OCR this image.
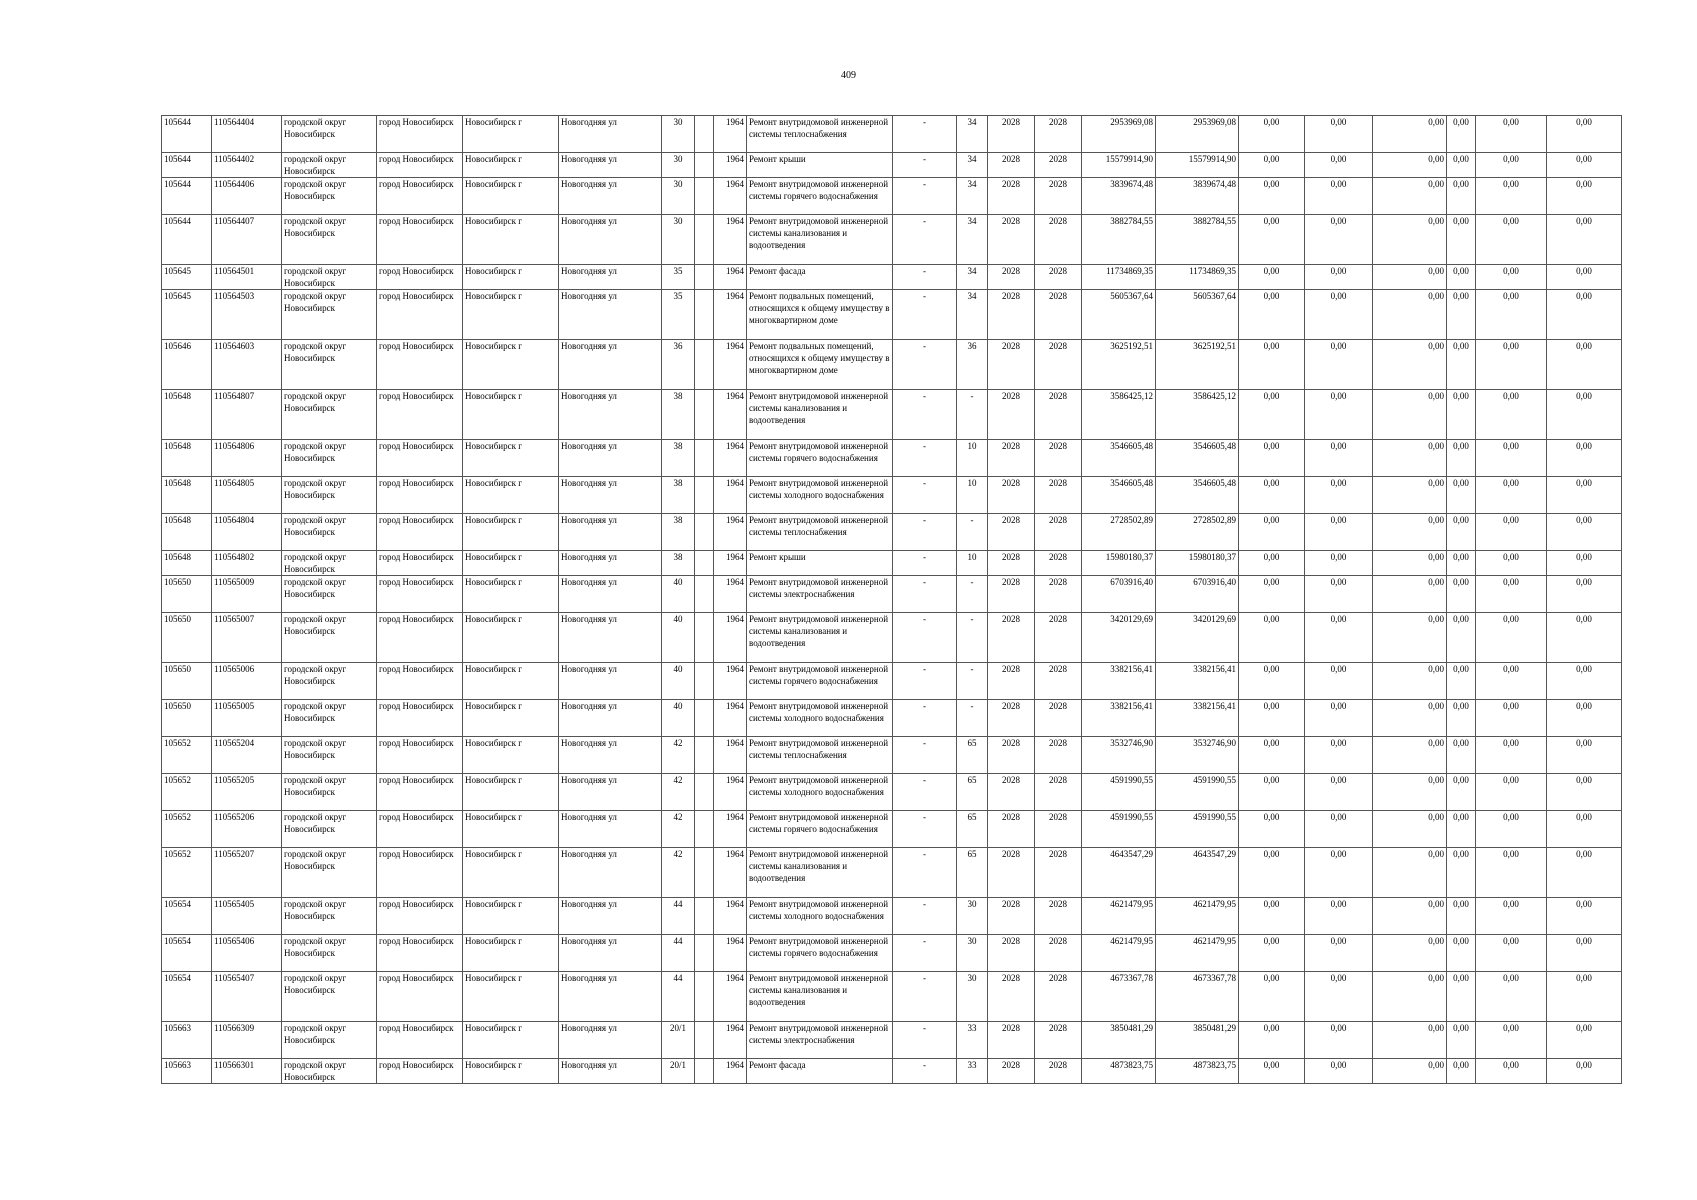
409
105644	110564404	городской округ Новосибирск	город Новосибирск	Новосибирск г	Новогодняя ул	30		1964	Ремонт внутридомовой инженерной системы теплоснабжения	-	34	2028	2028	2953969,08	2953969,08	0,00	0,00	0,00	0,00	0,00	0,00
105644	110564402	городской округ Новосибирск	город Новосибирск	Новосибирск г	Новогодняя ул	30		1964	Ремонт крыши	-	34	2028	2028	15579914,90	15579914,90	0,00	0,00	0,00	0,00	0,00	0,00
105644	110564406	городской округ Новосибирск	город Новосибирск	Новосибирск г	Новогодняя ул	30		1964	Ремонт внутридомовой инженерной системы горячего водоснабжения	-	34	2028	2028	3839674,48	3839674,48	0,00	0,00	0,00	0,00	0,00	0,00
105644	110564407	городской округ Новосибирск	город Новосибирск	Новосибирск г	Новогодняя ул	30		1964	Ремонт внутридомовой инженерной системы канализования и водоотведения	-	34	2028	2028	3882784,55	3882784,55	0,00	0,00	0,00	0,00	0,00	0,00
105645	110564501	городской округ Новосибирск	город Новосибирск	Новосибирск г	Новогодняя ул	35		1964	Ремонт фасада	-	34	2028	2028	11734869,35	11734869,35	0,00	0,00	0,00	0,00	0,00	0,00
105645	110564503	городской округ Новосибирск	город Новосибирск	Новосибирск г	Новогодняя ул	35		1964	Ремонт подвальных помещений, относящихся к общему имуществу в многоквартирном доме	-	34	2028	2028	5605367,64	5605367,64	0,00	0,00	0,00	0,00	0,00	0,00
105646	110564603	городской округ Новосибирск	город Новосибирск	Новосибирск г	Новогодняя ул	36		1964	Ремонт подвальных помещений, относящихся к общему имуществу в многоквартирном доме	-	36	2028	2028	3625192,51	3625192,51	0,00	0,00	0,00	0,00	0,00	0,00
105648	110564807	городской округ Новосибирск	город Новосибирск	Новосибирск г	Новогодняя ул	38		1964	Ремонт внутридомовой инженерной системы канализования и водоотведения	-	-	2028	2028	3586425,12	3586425,12	0,00	0,00	0,00	0,00	0,00	0,00
105648	110564806	городской округ Новосибирск	город Новосибирск	Новосибирск г	Новогодняя ул	38		1964	Ремонт внутридомовой инженерной системы горячего водоснабжения	-	10	2028	2028	3546605,48	3546605,48	0,00	0,00	0,00	0,00	0,00	0,00
105648	110564805	городской округ Новосибирск	город Новосибирск	Новосибирск г	Новогодняя ул	38		1964	Ремонт внутридомовой инженерной системы холодного водоснабжения	-	10	2028	2028	3546605,48	3546605,48	0,00	0,00	0,00	0,00	0,00	0,00
105648	110564804	городской округ Новосибирск	город Новосибирск	Новосибирск г	Новогодняя ул	38		1964	Ремонт внутридомовой инженерной системы теплоснабжения	-	-	2028	2028	2728502,89	2728502,89	0,00	0,00	0,00	0,00	0,00	0,00
105648	110564802	городской округ Новосибирск	город Новосибирск	Новосибирск г	Новогодняя ул	38		1964	Ремонт крыши	-	10	2028	2028	15980180,37	15980180,37	0,00	0,00	0,00	0,00	0,00	0,00
105650	110565009	городской округ Новосибирск	город Новосибирск	Новосибирск г	Новогодняя ул	40		1964	Ремонт внутридомовой инженерной системы электроснабжения	-	-	2028	2028	6703916,40	6703916,40	0,00	0,00	0,00	0,00	0,00	0,00
105650	110565007	городской округ Новосибирск	город Новосибирск	Новосибирск г	Новогодняя ул	40		1964	Ремонт внутридомовой инженерной системы канализования и водоотведения	-	-	2028	2028	3420129,69	3420129,69	0,00	0,00	0,00	0,00	0,00	0,00
105650	110565006	городской округ Новосибирск	город Новосибирск	Новосибирск г	Новогодняя ул	40		1964	Ремонт внутридомовой инженерной системы горячего водоснабжения	-	-	2028	2028	3382156,41	3382156,41	0,00	0,00	0,00	0,00	0,00	0,00
105650	110565005	городской округ Новосибирск	город Новосибирск	Новосибирск г	Новогодняя ул	40		1964	Ремонт внутридомовой инженерной системы холодного водоснабжения	-	-	2028	2028	3382156,41	3382156,41	0,00	0,00	0,00	0,00	0,00	0,00
105652	110565204	городской округ Новосибирск	город Новосибирск	Новосибирск г	Новогодняя ул	42		1964	Ремонт внутридомовой инженерной системы теплоснабжения	-	65	2028	2028	3532746,90	3532746,90	0,00	0,00	0,00	0,00	0,00	0,00
105652	110565205	городской округ Новосибирск	город Новосибирск	Новосибирск г	Новогодняя ул	42		1964	Ремонт внутридомовой инженерной системы холодного водоснабжения	-	65	2028	2028	4591990,55	4591990,55	0,00	0,00	0,00	0,00	0,00	0,00
105652	110565206	городской округ Новосибирск	город Новосибирск	Новосибирск г	Новогодняя ул	42		1964	Ремонт внутридомовой инженерной системы горячего водоснабжения	-	65	2028	2028	4591990,55	4591990,55	0,00	0,00	0,00	0,00	0,00	0,00
105652	110565207	городской округ Новосибирск	город Новосибирск	Новосибирск г	Новогодняя ул	42		1964	Ремонт внутридомовой инженерной системы канализования и водоотведения	-	65	2028	2028	4643547,29	4643547,29	0,00	0,00	0,00	0,00	0,00	0,00
105654	110565405	городской округ Новосибирск	город Новосибирск	Новосибирск г	Новогодняя ул	44		1964	Ремонт внутридомовой инженерной системы холодного водоснабжения	-	30	2028	2028	4621479,95	4621479,95	0,00	0,00	0,00	0,00	0,00	0,00
105654	110565406	городской округ Новосибирск	город Новосибирск	Новосибирск г	Новогодняя ул	44		1964	Ремонт внутридомовой инженерной системы горячего водоснабжения	-	30	2028	2028	4621479,95	4621479,95	0,00	0,00	0,00	0,00	0,00	0,00
105654	110565407	городской округ Новосибирск	город Новосибирск	Новосибирск г	Новогодняя ул	44		1964	Ремонт внутридомовой инженерной системы канализования и водоотведения	-	30	2028	2028	4673367,78	4673367,78	0,00	0,00	0,00	0,00	0,00	0,00
105663	110566309	городской округ Новосибирск	город Новосибирск	Новосибирск г	Новогодняя ул	20/1		1964	Ремонт внутридомовой инженерной системы электроснабжения	-	33	2028	2028	3850481,29	3850481,29	0,00	0,00	0,00	0,00	0,00	0,00
105663	110566301	городской округ Новосибирск	город Новосибирск	Новосибирск г	Новогодняя ул	20/1		1964	Ремонт фасада	-	33	2028	2028	4873823,75	4873823,75	0,00	0,00	0,00	0,00	0,00	0,00
